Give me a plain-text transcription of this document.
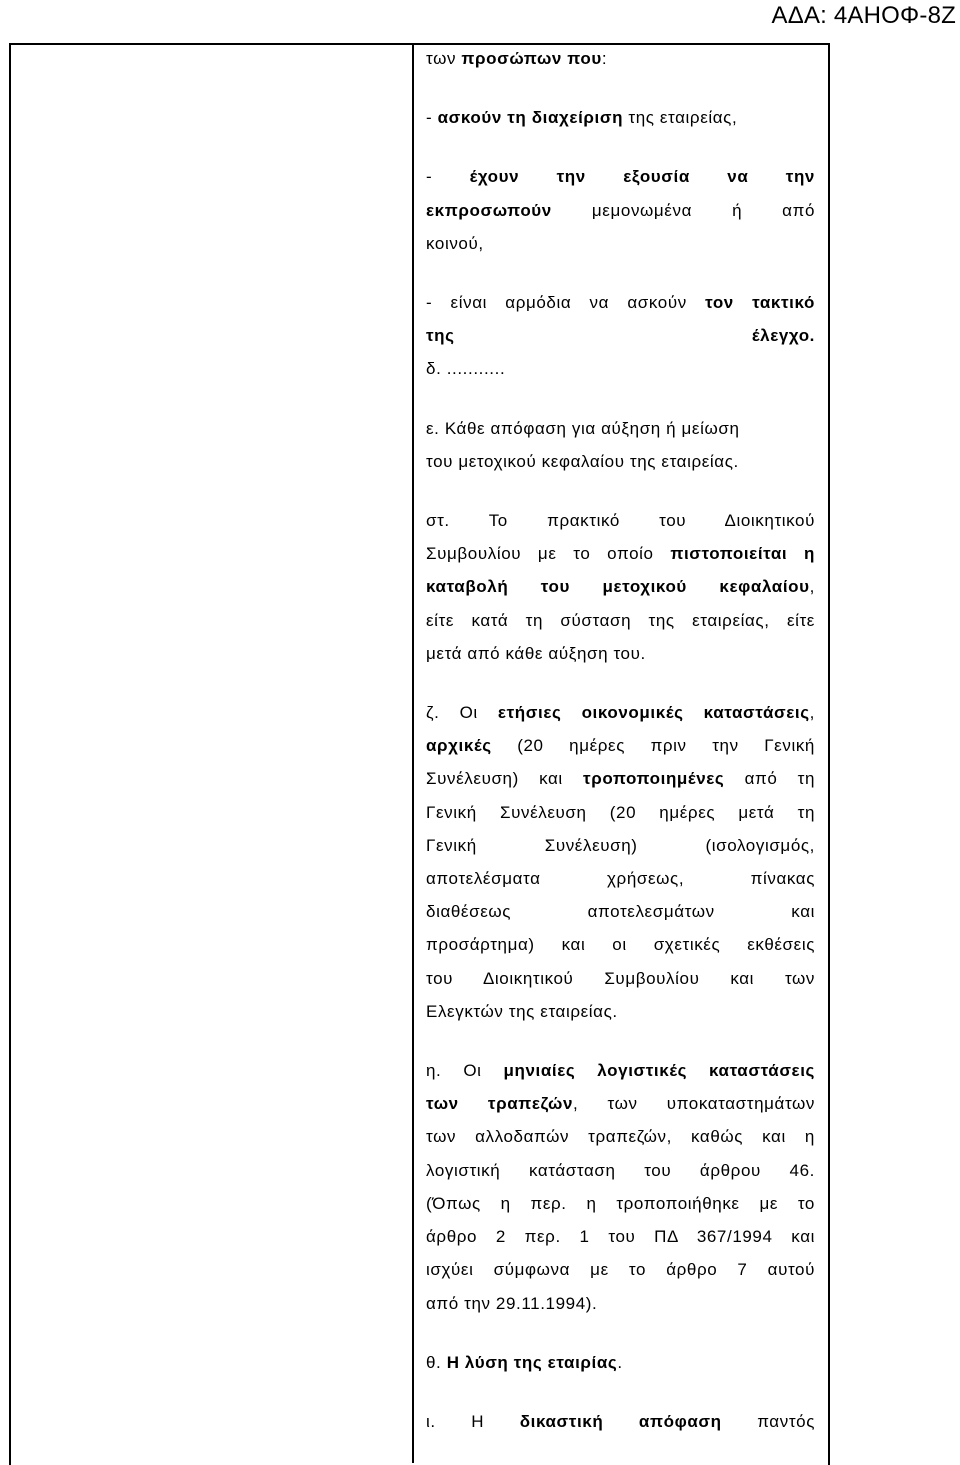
ΑΔΑ: 4ΑΗΟΦ-8Ζ

των προσώπων που:

- ασκούν τη διαχείριση της εταιρείας,

- έχουν την εξουσία να την
εκπροσωπούν μεμονωμένα ή από
κοινού,

- είναι αρμόδια να ασκούν τον τακτικό
της έλεγχο.
δ. ...........

ε. Κάθε απόφαση για αύξηση ή μείωση
του μετοχικού κεφαλαίου της εταιρείας.

στ. Το πρακτικό του Διοικητικού
Συμβουλίου με το οποίο πιστοποιείται η
καταβολή του μετοχικού κεφαλαίου,
είτε κατά τη σύσταση της εταιρείας, είτε
μετά από κάθε αύξηση του.

ζ. Οι ετήσιες οικονομικές καταστάσεις,
αρχικές (20 ημέρες πριν την Γενική
Συνέλευση) και τροποποιημένες από τη
Γενική Συνέλευση (20 ημέρες μετά τη
Γενική Συνέλευση) (ισολογισμός,
αποτελέσματα χρήσεως, πίνακας
διαθέσεως αποτελεσμάτων και
προσάρτημα) και οι σχετικές εκθέσεις
του Διοικητικού Συμβουλίου και των
Ελεγκτών της εταιρείας.

η. Οι μηνιαίες λογιστικές καταστάσεις
των τραπεζών, των υποκαταστημάτων
των αλλοδαπών τραπεζών, καθώς και η
λογιστική κατάσταση του άρθρου 46.
(Όπως η περ. η τροποποιήθηκε με το
άρθρο 2 περ. 1 του ΠΔ 367/1994 και
ισχύει σύμφωνα με το άρθρο 7 αυτού
από την 29.11.1994).

θ. Η λύση της εταιρίας.

ι. Η δικαστική απόφαση παντός
